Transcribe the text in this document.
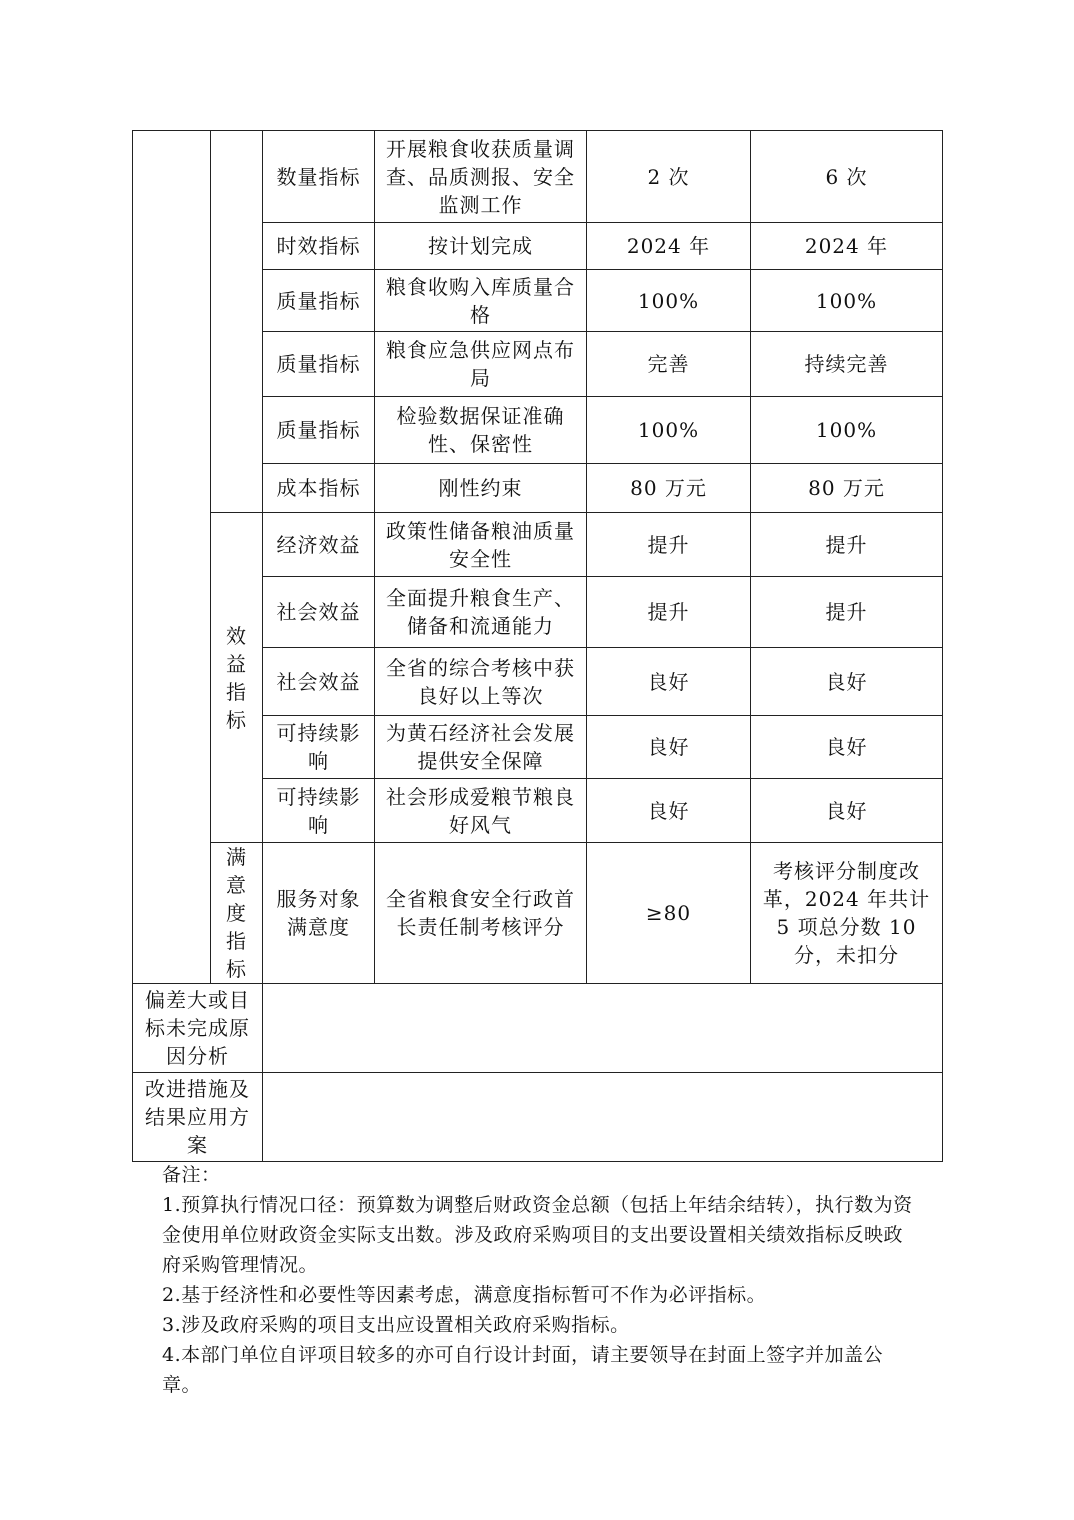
		数量指标	开展粮食收获质量调查、品质测报、安全监测工作	2 次	6 次
		时效指标	按计划完成	2024 年	2024 年
		质量指标	粮食收购入库质量合格	100%	100%
		质量指标	粮食应急供应网点布局	完善	持续完善
		质量指标	检验数据保证准确性、保密性	100%	100%
		成本指标	刚性约束	80 万元	80 万元
	效益指标	经济效益	政策性储备粮油质量安全性	提升	提升
		社会效益	全面提升粮食生产、储备和流通能力	提升	提升
		社会效益	全省的综合考核中获良好以上等次	良好	良好
		可持续影响	为黄石经济社会发展提供安全保障	良好	良好
		可持续影响	社会形成爱粮节粮良好风气	良好	良好
	满意度指标	服务对象满意度	全省粮食安全行政首长责任制考核评分	≥80	考核评分制度改革，2024 年共计 5 项总分数 10 分，未扣分
偏差大或目标未完成原因分析					
改进措施及结果应用方案					
备注：
1.预算执行情况口径：预算数为调整后财政资金总额（包括上年结余结转），执行数为资金使用单位财政资金实际支出数。涉及政府采购项目的支出要设置相关绩效指标反映政府采购管理情况。
2.基于经济性和必要性等因素考虑，满意度指标暂可不作为必评指标。
3.涉及政府采购的项目支出应设置相关政府采购指标。
4.本部门单位自评项目较多的亦可自行设计封面，请主要领导在封面上签字并加盖公章。
